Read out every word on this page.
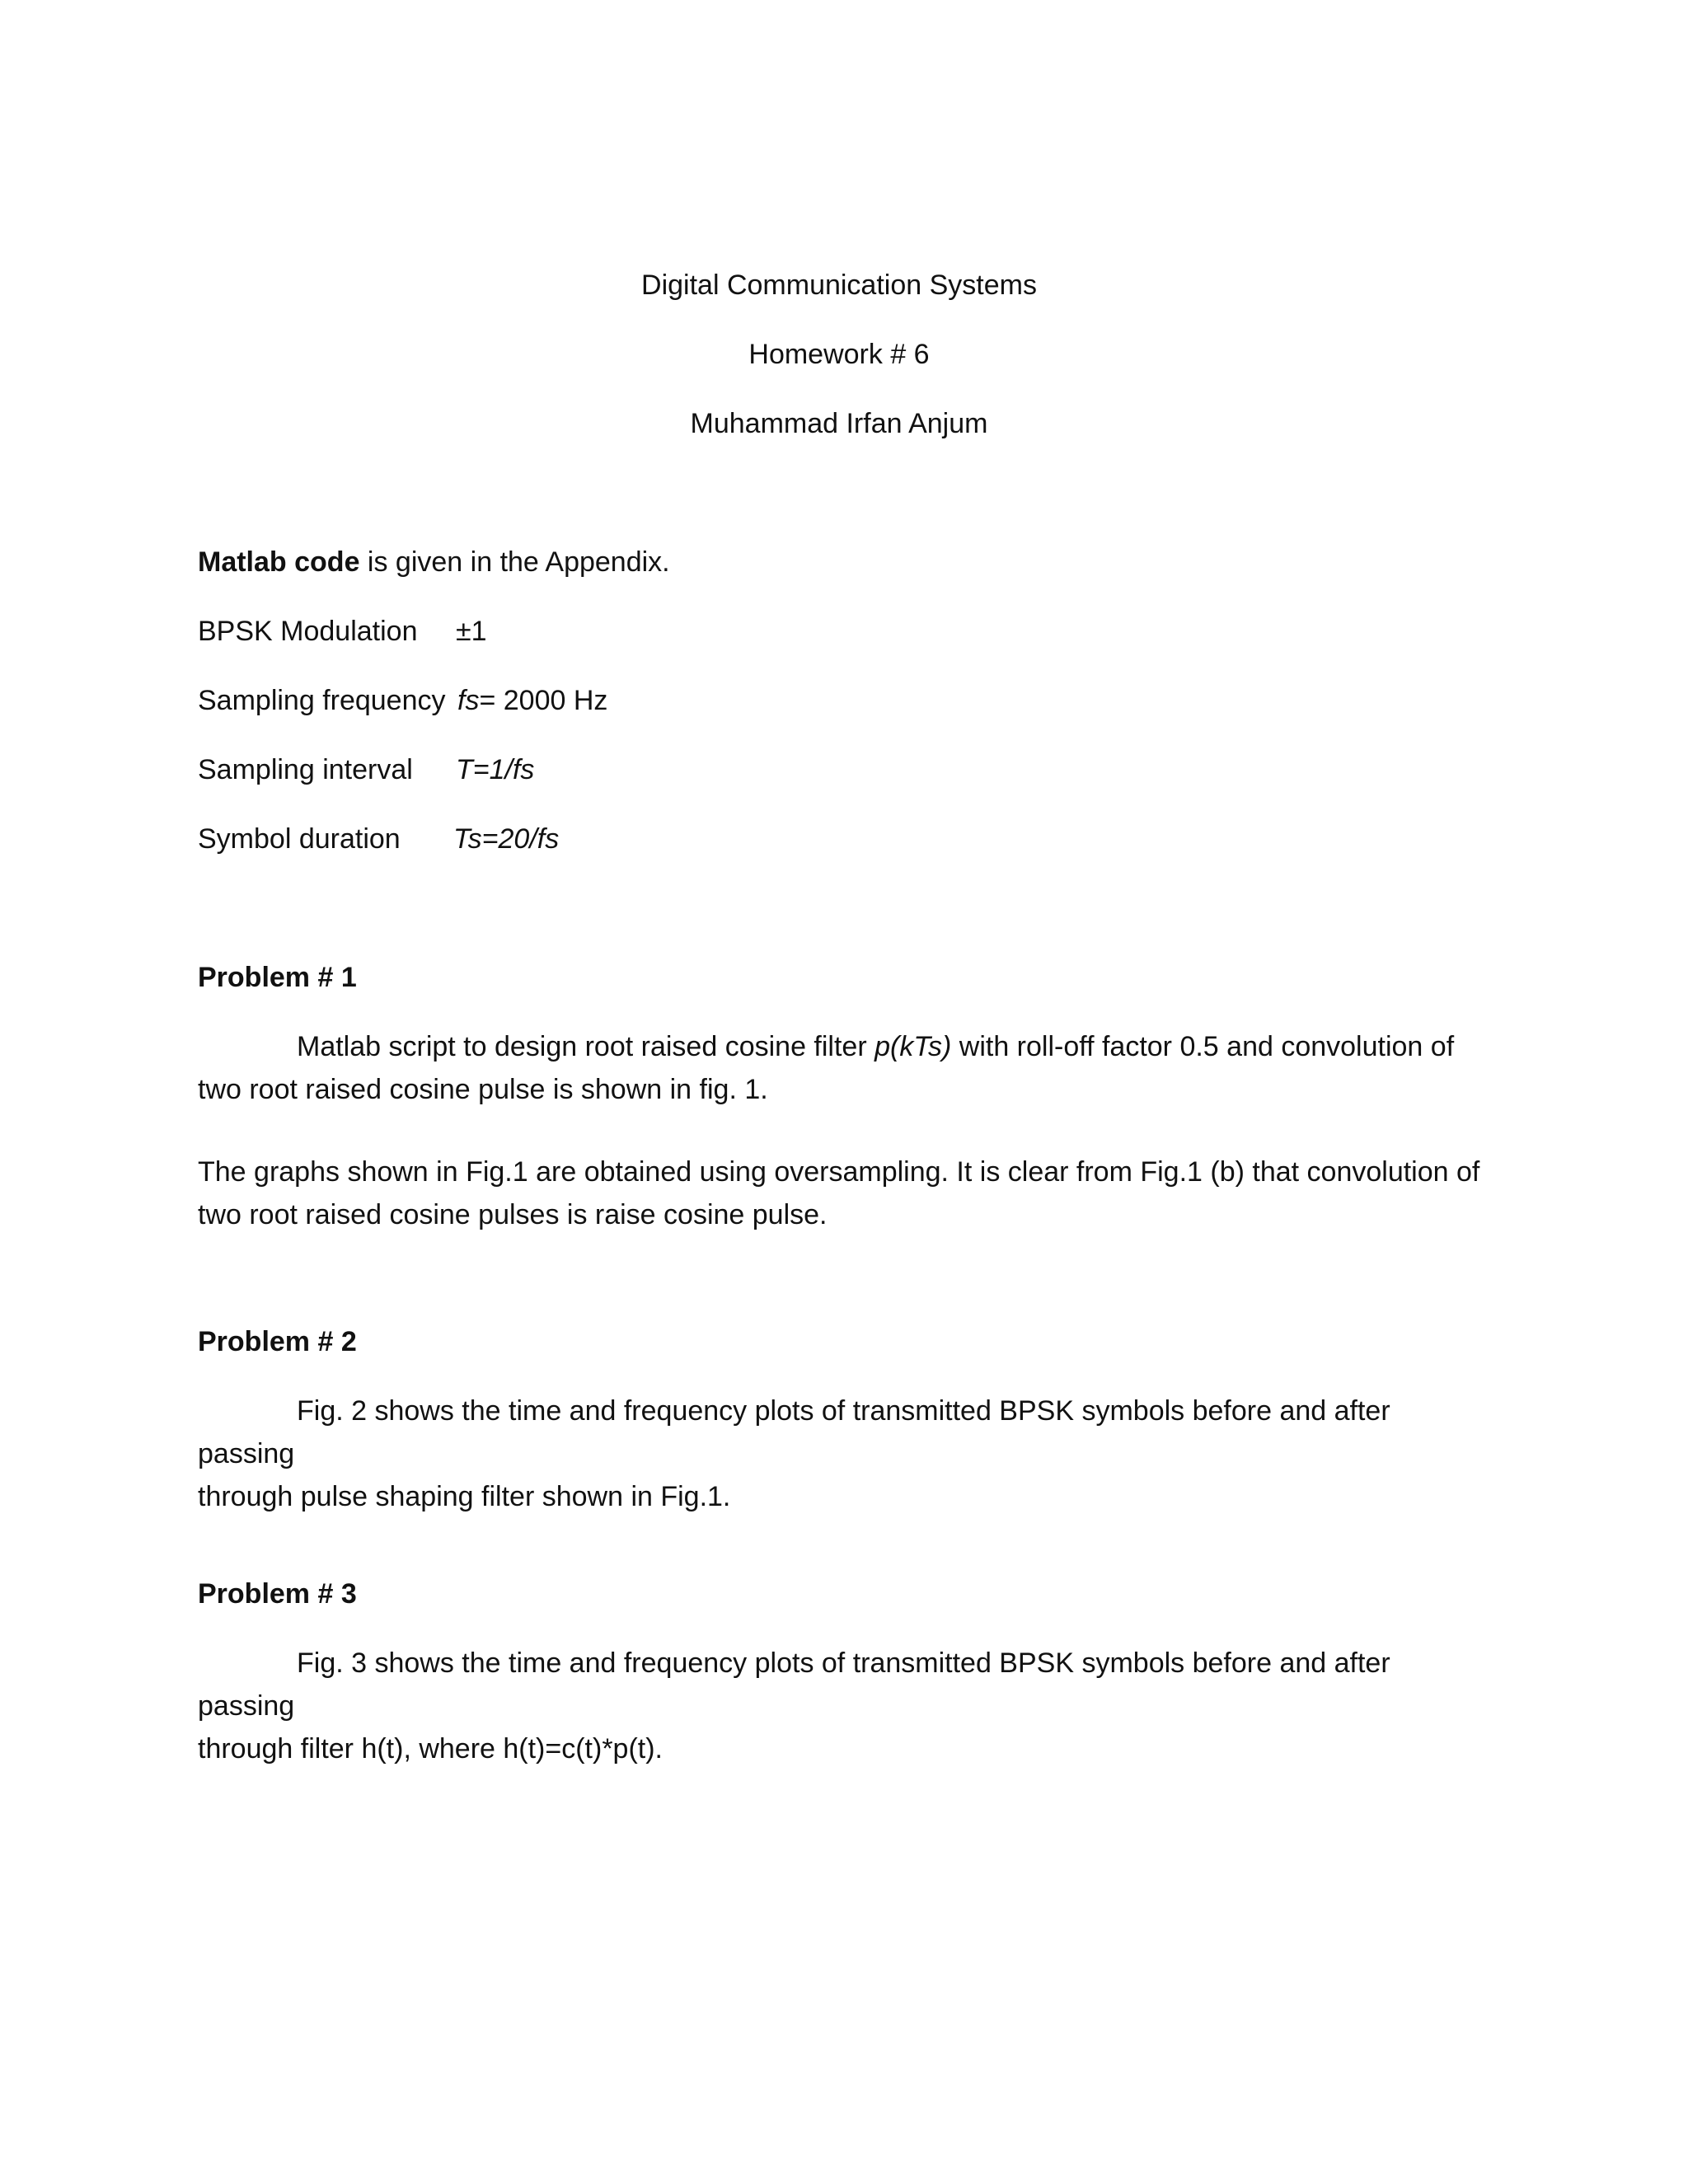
Digital Communication Systems
Homework # 6
Muhammad Irfan Anjum
Matlab code is given in the Appendix.
BPSK Modulation ±1
Sampling frequency fs= 2000 Hz
Sampling interval T=1/fs
Symbol duration Ts=20/fs
Problem # 1
Matlab script to design root raised cosine filter p(kTs) with roll-off factor 0.5 and convolution of
two root raised cosine pulse is shown in fig. 1.
The graphs shown in Fig.1 are obtained using oversampling. It is clear from Fig.1 (b) that convolution of
two root raised cosine pulses is raise cosine pulse.
Problem # 2
Fig. 2 shows the time and frequency plots of transmitted BPSK symbols before and after passing
through pulse shaping filter shown in Fig.1.
Problem # 3
Fig. 3 shows the time and frequency plots of transmitted BPSK symbols before and after passing
through filter h(t), where h(t)=c(t)*p(t).
